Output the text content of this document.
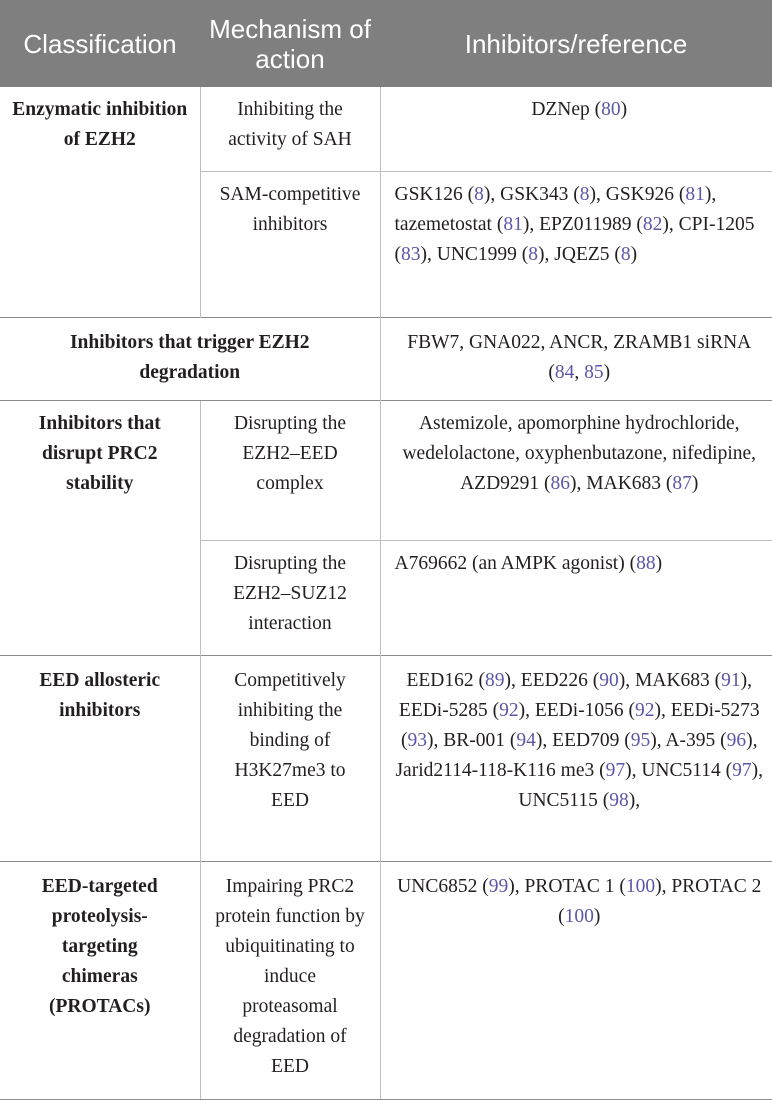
Classification	Mechanism of action	Inhibitors/reference
Enzymatic inhibition of EZH2	Inhibiting the activity of SAH	DZNep (80)
	SAM-competitive inhibitors	GSK126 (8), GSK343 (8), GSK926 (81), tazemetostat (81), EPZ011989 (82), CPI-1205 (83), UNC1999 (8), JQEZ5 (8)
Inhibitors that trigger EZH2 degradation		FBW7, GNA022, ANCR, ZRAMB1 siRNA (84, 85)
Inhibitors that disrupt PRC2 stability	Disrupting the EZH2–EED complex	Astemizole, apomorphine hydrochloride, wedelolactone, oxyphenbutazone, nifedipine, AZD9291 (86), MAK683 (87)
	Disrupting the EZH2–SUZ12 interaction	A769662 (an AMPK agonist) (88)
EED allosteric inhibitors	Competitively inhibiting the binding of H3K27me3 to EED	EED162 (89), EED226 (90), MAK683 (91), EEDi-5285 (92), EEDi-1056 (92), EEDi-5273 (93), BR-001 (94), EED709 (95), A-395 (96), Jarid2114-118-K116 me3 (97), UNC5114 (97), UNC5115 (98),
EED-targeted proteolysis-targeting chimeras (PROTACs)	Impairing PRC2 protein function by ubiquitinating to induce proteasomal degradation of EED	UNC6852 (99), PROTAC 1 (100), PROTAC 2 (100)
